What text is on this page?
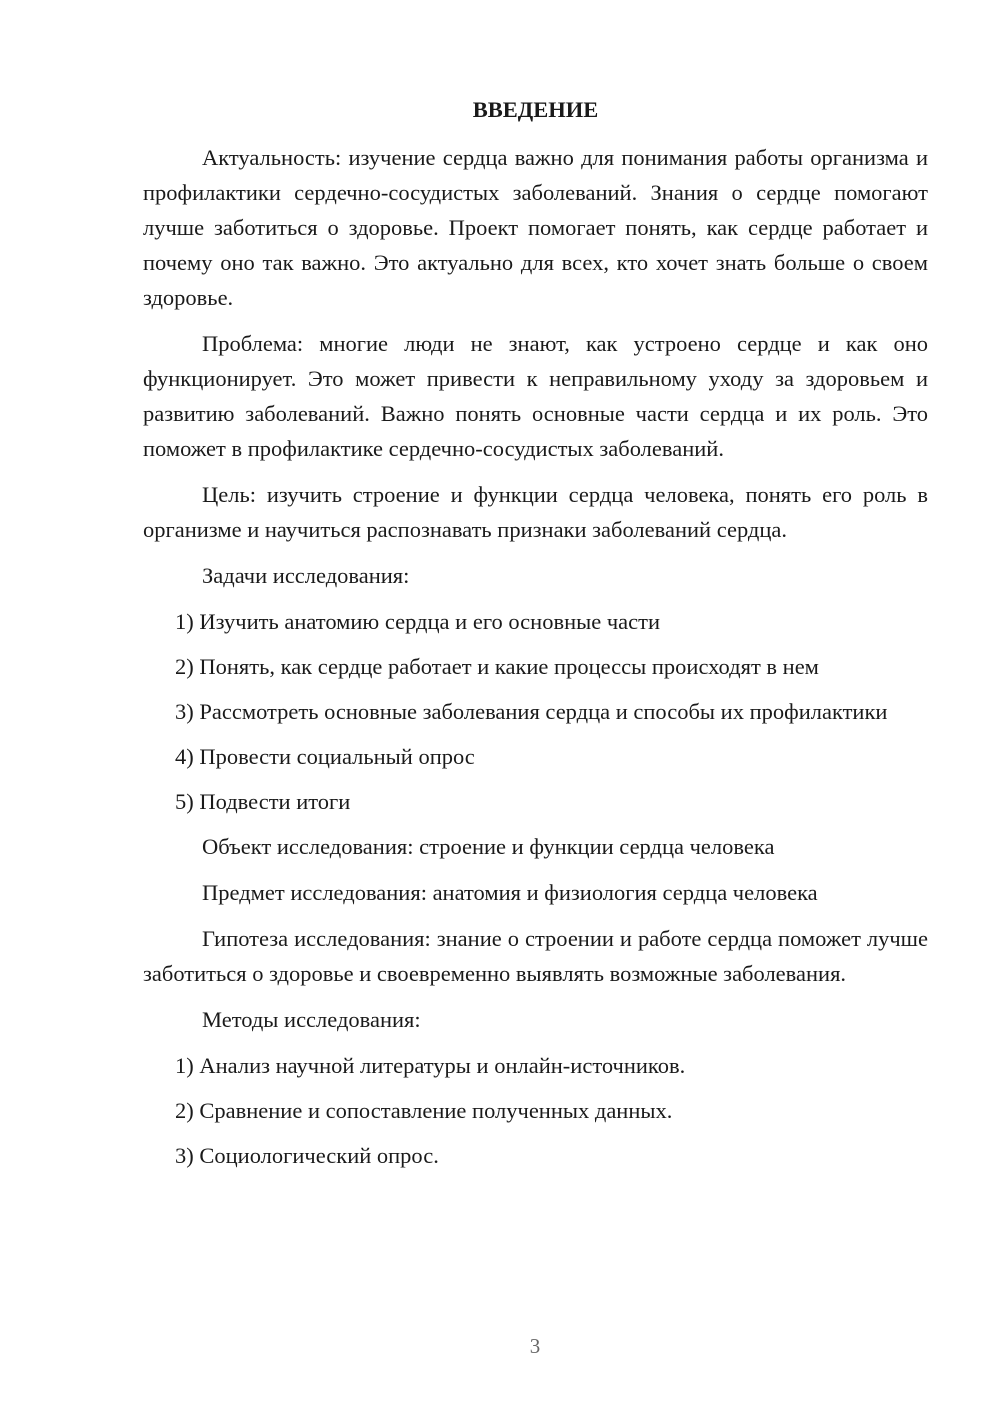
ВВЕДЕНИЕ

Актуальность: изучение сердца важно для понимания работы организма и профилактики сердечно-сосудистых заболеваний. Знания о сердце помогают лучше заботиться о здоровье. Проект помогает понять, как сердце работает и почему оно так важно. Это актуально для всех, кто хочет знать больше о своем здоровье.

Проблема: многие люди не знают, как устроено сердце и как оно функционирует. Это может привести к неправильному уходу за здоровьем и развитию заболеваний. Важно понять основные части сердца и их роль. Это поможет в профилактике сердечно-сосудистых заболеваний.

Цель: изучить строение и функции сердца человека, понять его роль в организме и научиться распознавать признаки заболеваний сердца.

Задачи исследования:

1) Изучить анатомию сердца и его основные части

2) Понять, как сердце работает и какие процессы происходят в нем

3) Рассмотреть основные заболевания сердца и способы их профилактики

4) Провести социальный опрос

5) Подвести итоги

Объект исследования: строение и функции сердца человека

Предмет исследования: анатомия и физиология сердца человека

Гипотеза исследования: знание о строении и работе сердца поможет лучше заботиться о здоровье и своевременно выявлять возможные заболевания.

Методы исследования:

1) Анализ научной литературы и онлайн-источников.

2) Сравнение и сопоставление полученных данных.

3) Социологический опрос.

3
